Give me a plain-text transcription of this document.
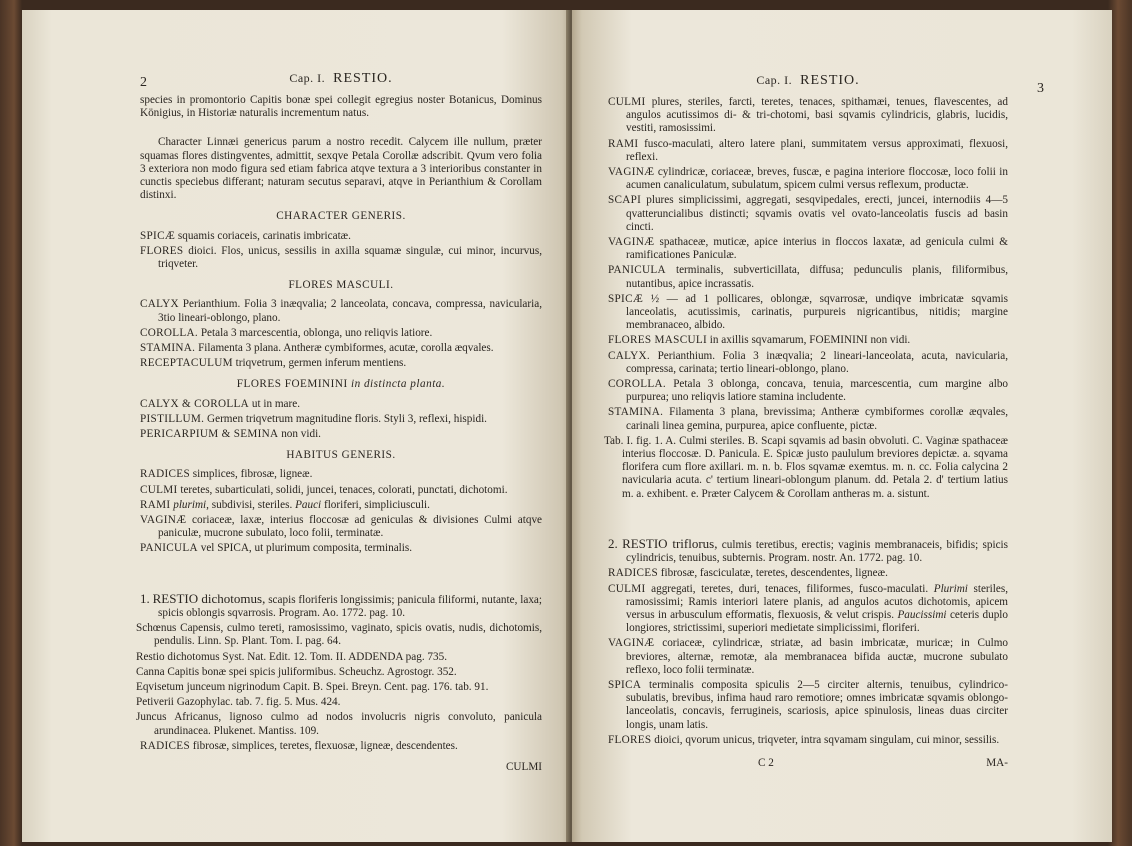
2	Cap. I. RESTIO.

species in promontorio Capitis bonæ spei collegit egregius noster Botanicus, Dominus Königius, in Historiæ naturalis incrementum natus.

Character Linnæi genericus parum a nostro recedit. Calycem ille nullum, præter squamas flores distingventes, admittit, sexqve Petala Corollæ adscribit. Qvum vero folia 3 exteriora non modo figura sed etiam fabrica atqve textura a 3 interioribus constanter in cunctis speciebus differant; naturam secutus separavi, atqve in Perianthium & Corollam distinxi.

CHARACTER GENERIS.

SPICÆ squamis coriaceis, carinatis imbricatæ.

FLORES dioici. Flos, unicus, sessilis in axilla squamæ singulæ, cui minor, incurvus, triqveter.

FLORES MASCULI.

CALYX Perianthium. Folia 3 inæqvalia; 2 lanceolata, concava, compressa, navicularia, 3tio lineari-oblongo, plano.

COROLLA. Petala 3 marcescentia, oblonga, uno reliqvis latiore.

STAMINA. Filamenta 3 plana. Antheræ cymbiformes, acutæ, corolla æqvales.

RECEPTACULUM triqvetrum, germen inferum mentiens.

FLORES FOEMININI in distincta planta.

CALYX & COROLLA ut in mare.

PISTILLUM. Germen triqvetrum magnitudine floris. Styli 3, reflexi, hispidi.

PERICARPIUM & SEMINA non vidi.

HABITUS GENERIS.

RADICES simplices, fibrosæ, ligneæ.

CULMI teretes, subarticulati, solidi, juncei, tenaces, colorati, punctati, dichotomi.

RAMI plurimi, subdivisi, steriles. Pauci floriferi, simpliciusculi.

VAGINÆ coriaceæ, laxæ, interius floccosæ ad geniculas & divisiones Culmi atqve paniculæ, mucrone subulato, loco folii, terminatæ.

PANICULA vel SPICA, ut plurimum composita, terminalis.

1. RESTIO dichotomus, scapis floriferis longissimis; panicula filiformi, nutante, laxa; spicis oblongis sqvarrosis. Program. Ao. 1772. pag. 10.

Schœnus Capensis, culmo tereti, ramosissimo, vaginato, spicis ovatis, nudis, dichotomis, pendulis. Linn. Sp. Plant. Tom. I. pag. 64.

Restio dichotomus Syst. Nat. Edit. 12. Tom. II. ADDENDA pag. 735.

Canna Capitis bonæ spei spicis juliformibus. Scheuchz. Agrostogr. 352.

Eqvisetum junceum nigrinodum Capit. B. Spei. Breyn. Cent. pag. 176. tab. 91.

Petiverii Gazophylac. tab. 7. fig. 5. Mus. 424.

Juncus Africanus, lignoso culmo ad nodos involucris nigris convoluto, panicula arundinacea. Plukenet. Mantiss. 109.

RADICES fibrosæ, simplices, teretes, flexuosæ, ligneæ, descendentes.

CULMI

Cap. I. RESTIO.
3

CULMI plures, steriles, farcti, teretes, tenaces, spithamæi, tenues, flavescentes, ad angulos acutissimos di- & tri-chotomi, basi sqvamis cylindricis, glabris, lucidis, vestiti, ramosissimi.

RAMI fusco-maculati, altero latere plani, summitatem versus approximati, flexuosi, reflexi.

VAGINÆ cylindricæ, coriaceæ, breves, fuscæ, e pagina interiore floccosæ, loco folii in acumen canaliculatum, subulatum, spicem culmi versus reflexum, productæ.

SCAPI plures simplicissimi, aggregati, sesqvipedales, erecti, juncei, internodiis 4—5 qvatteruncialibus distincti; sqvamis ovatis vel ovato-lanceolatis fuscis ad basin cincti.

VAGINÆ spathaceæ, muticæ, apice interius in floccos laxatæ, ad genicula culmi & ramificationes Paniculæ.

PANICULA terminalis, subverticillata, diffusa; pedunculis planis, filiformibus, nutantibus, apice incrassatis.

SPICÆ ½ — ad 1 pollicares, oblongæ, sqvarrosæ, undiqve imbricatæ sqvamis lanceolatis, acutissimis, carinatis, purpureis nigricantibus, nitidis; margine membranaceo, albido.

FLORES MASCULI in axillis sqvamarum, FOEMININI non vidi.

CALYX. Perianthium. Folia 3 inæqvalia; 2 lineari-lanceolata, acuta, navicularia, compressa, carinata; tertio lineari-oblongo, plano.

COROLLA. Petala 3 oblonga, concava, tenuia, marcescentia, cum margine albo purpurea; uno reliqvis latiore stamina includente.

STAMINA. Filamenta 3 plana, brevissima; Antheræ cymbiformes corollæ æqvales, carinali linea gemina, purpurea, apice confluente, pictæ.

Tab. I. fig. 1. A. Culmi steriles. B. Scapi sqvamis ad basin obvoluti. C. Vaginæ spathaceæ interius floccosæ. D. Panicula. E. Spicæ justo paululum breviores depictæ. a. sqvama florifera cum flore axillari. m. n. b. Flos sqvamæ exemtus. m. n. cc. Folia calycina 2 navicularia acuta. c' tertium lineari-oblongum planum. dd. Petala 2. d' tertium latius m. a. exhibent. e. Præter Calycem & Corollam antheras m. a. sistunt.

2. RESTIO triflorus, culmis teretibus, erectis; vaginis membranaceis, bifidis; spicis cylindricis, tenuibus, subternis. Program. nostr. An. 1772. pag. 10.

RADICES fibrosæ, fasciculatæ, teretes, descendentes, ligneæ.

CULMI aggregati, teretes, duri, tenaces, filiformes, fusco-maculati. Plurimi steriles, ramosissimi; Ramis interiori latere planis, ad angulos acutos dichotomis, apicem versus in arbusculum efformatis, flexuosis, & velut crispis. Paucissimi ceteris duplo longiores, strictissimi, superiori medietate simplicissimi, floriferi.

VAGINÆ coriaceæ, cylindricæ, striatæ, ad basin imbricatæ, muricæ; in Culmo breviores, alternæ, remotæ, ala membranacea bifida auctæ, mucrone subulato reflexo, loco folii terminatæ.

SPICA terminalis composita spiculis 2—5 circiter alternis, tenuibus, cylindrico-subulatis, brevibus, infima haud raro remotiore; omnes imbricatæ sqvamis oblongo-lanceolatis, concavis, ferrugineis, scariosis, apice spinulosis, lineas duas circiter longis, unam latis.

FLORES dioici, qvorum unicus, triqveter, intra sqvamam singulam, cui minor, sessilis.

C 2	MA-
